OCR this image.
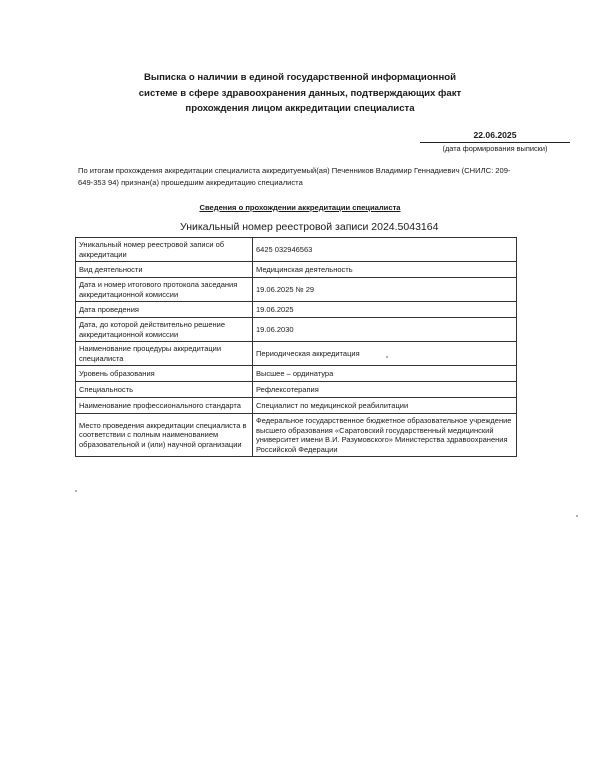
Выписка о наличии в единой государственной информационной
системе в сфере здравоохранения данных, подтверждающих факт
прохождения лицом аккредитации специалиста
22.06.2025
(дата формирования выписки)
По итогам прохождения аккредитации специалиста аккредитуемый(ая) Печенников Владимир Геннадиевич (СНИЛС: 209-649-353 94) признан(а) прошедшим аккредитацию специалиста
Сведения о прохождении аккредитации специалиста
Уникальный номер реестровой записи 2024.5043164
Уникальный номер реестровой записи об аккредитации	6425 032946563
Вид деятельности	Медицинская деятельность
Дата и номер итогового протокола заседания аккредитационной комиссии	19.06.2025 № 29
Дата проведения	19.06.2025
Дата, до которой действительно решение аккредитационной комиссии	19.06.2030
Наименование процедуры аккредитации специалиста	Периодическая аккредитация
Уровень образования	Высшее – ординатура
Специальность	Рефлексотерапия
Наименование профессионального стандарта	Специалист по медицинской реабилитации
Место проведения аккредитации специалиста в соответствии с полным наименованием образовательной и (или) научной организации	Федеральное государственное бюджетное образовательное учреждение высшего образования «Саратовский государственный медицинский университет имени В.И. Разумовского» Министерства здравоохранения Российской Федерации
